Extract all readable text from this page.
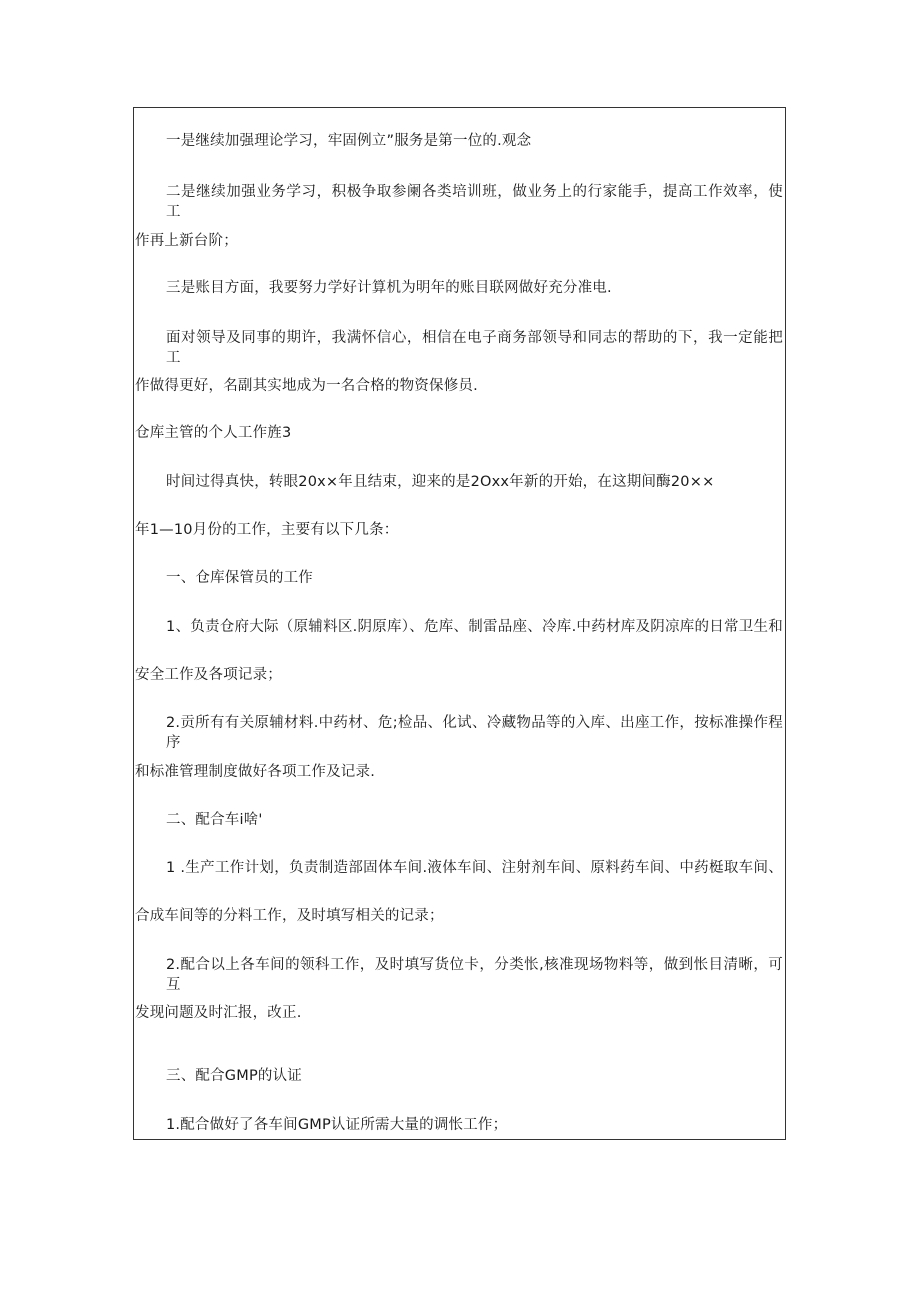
一是继续加强理论学习，牢固例立”服务是第一位的.观念
二是继续加强业务学习，积极争取参阑各类培训班，做业务上的行家能手，提高工作效率，使工
作再上新台阶；
三是账目方面，我要努力学好计算机为明年的账目联网做好充分准电.
面对领导及同事的期许，我满怀信心，相信在电子商务部领导和同志的帮助的下，我一定能把工
作做得更好，名副其实地成为一名合格的物资保修员.
仓库主管的个人工作旌3
时间过得真快，转眼20x×年且结束，迎来的是2Oxx年新的开始，在这期间酶20××
年1—10月份的工作，主要有以下几条：
一、仓库保管员的工作
1、负责仓府大际（原辅料区.阴原库）、危库、制雷品座、冷库.中药材库及阴凉库的日常卫生和
安全工作及各项记录；
2.贡所有有关原辅材料.中药材、危;检品、化试、冷藏物品等的入库、出座工作，按标准操作程序
和标准管理制度做好各项工作及记录.
二、配合车i啥'
1 .生产工作计划，负责制造部固体车间.液体车间、注射剂车间、原料药车间、中药梃取车间、
合成车间等的分料工作，及时填写相关的记录；
2.配合以上各车间的领科工作，及时填写货位卡，分类怅,核准现场物料等，做到怅目清晰，可互
发现问题及时汇报，改正.
三、配合GMP的认证
1.配合做好了各车间GMP认证所需大量的调怅工作；
